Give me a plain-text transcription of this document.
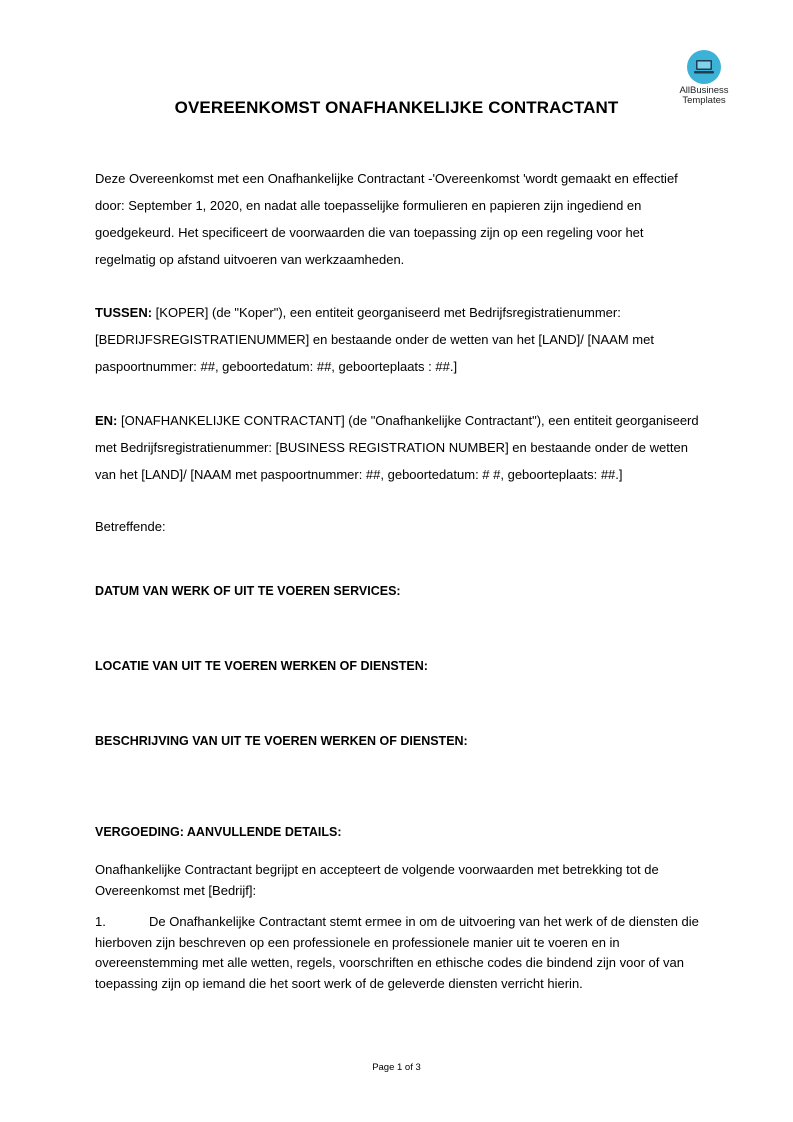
AllBusiness
Templates
OVEREENKOMST ONAFHANKELIJKE CONTRACTANT
Deze Overeenkomst met een Onafhankelijke Contractant -'Overeenkomst 'wordt gemaakt en effectief door: September 1, 2020, en nadat alle toepasselijke formulieren en papieren zijn ingediend en goedgekeurd. Het specificeert de voorwaarden die van toepassing zijn op een regeling voor het regelmatig op afstand uitvoeren van werkzaamheden.
TUSSEN: [KOPER] (de "Koper"), een entiteit georganiseerd met Bedrijfsregistratienummer: [BEDRIJFSREGISTRATIENUMMER] en bestaande onder de wetten van het [LAND]/ [NAAM met paspoortnummer: ##, geboortedatum: ##, geboorteplaats : ##.]
EN: [ONAFHANKELIJKE CONTRACTANT] (de "Onafhankelijke Contractant"), een entiteit georganiseerd met Bedrijfsregistratienummer: [BUSINESS REGISTRATION NUMBER] en bestaande onder de wetten van het [LAND]/ [NAAM met paspoortnummer: ##, geboortedatum: # #, geboorteplaats: ##.]
Betreffende:
DATUM VAN WERK OF UIT TE VOEREN SERVICES:
LOCATIE VAN UIT TE VOEREN WERKEN OF DIENSTEN:
BESCHRIJVING VAN UIT TE VOEREN WERKEN OF DIENSTEN:
VERGOEDING: AANVULLENDE DETAILS:
Onafhankelijke Contractant begrijpt en accepteert de volgende voorwaarden met betrekking tot de Overeenkomst met [Bedrijf]:
1.	De Onafhankelijke Contractant stemt ermee in om de uitvoering van het werk of de diensten die hierboven zijn beschreven op een professionele en professionele manier uit te voeren en in overeenstemming met alle wetten, regels, voorschriften en ethische codes die bindend zijn voor of van toepassing zijn op iemand die het soort werk of de geleverde diensten verricht hierin.
Page 1 of 3
